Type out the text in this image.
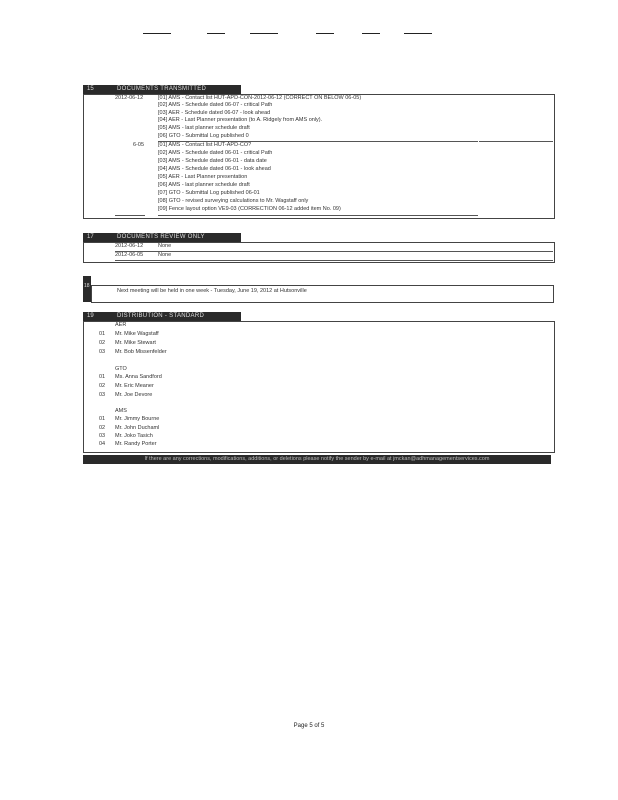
15	DOCUMENTS TRANSMITTED
2012-06-12	[01] AMS - Contact list HUT-APD-CON-2012-06-12 (CORRECT ON BELOW 06-05)
[02] AMS - Schedule dated 06-07 - critical Path
[03] AER - Schedule dated 06-07 - look ahead
[04] AER - Last Planner presentation (to A. Ridgely from AMS only).
[05] AMS - last planner schedule draft
[06] GTO - Submittal Log published 0
6-05	[01] AMS - Contact list HUT-APD-CO?
[02] AMS - Schedule dated 06-01 - critical Path
[03] AMS - Schedule dated 06-01 - data date
[04] AMS - Schedule dated 06-01 - look ahead
[05] AER - Last Planner presentation
[06] AMS - last planner schedule draft
[07] GTO - Submittal Log published 06-01
[08] GTO - revised surveying calculations to Mr. Wagstaff only
[09] Fence layout option VE9-03 (CORRECTION 06-12 added item No. 09)
17	DOCUMENTS REVIEW ONLY
2012-06-12	None
2012-06-05	None
18
Next meeting will be held in one week - Tuesday, June 19, 2012 at Hutsonville
19	DISTRIBUTION - STANDARD
AER
01 Mr. Mike Wagstaff
02 Mr. Mike Stewart
03 Mr. Bob Missenfelder
GTO
01 Ms. Anna Sandford
02 Mr. Eric Meaner
03 Mr. Joe Devore
AMS
01 Mr. Jimmy Bourne
02 Mr. John Duchaml
03 Mr. Joko Tasich
04 Mr. Randy Porter
If there are any corrections, modifications, additions, or deletions please notify the sender by e-mail at jmckan@adhmanagementservices.com
Page 5 of 5
